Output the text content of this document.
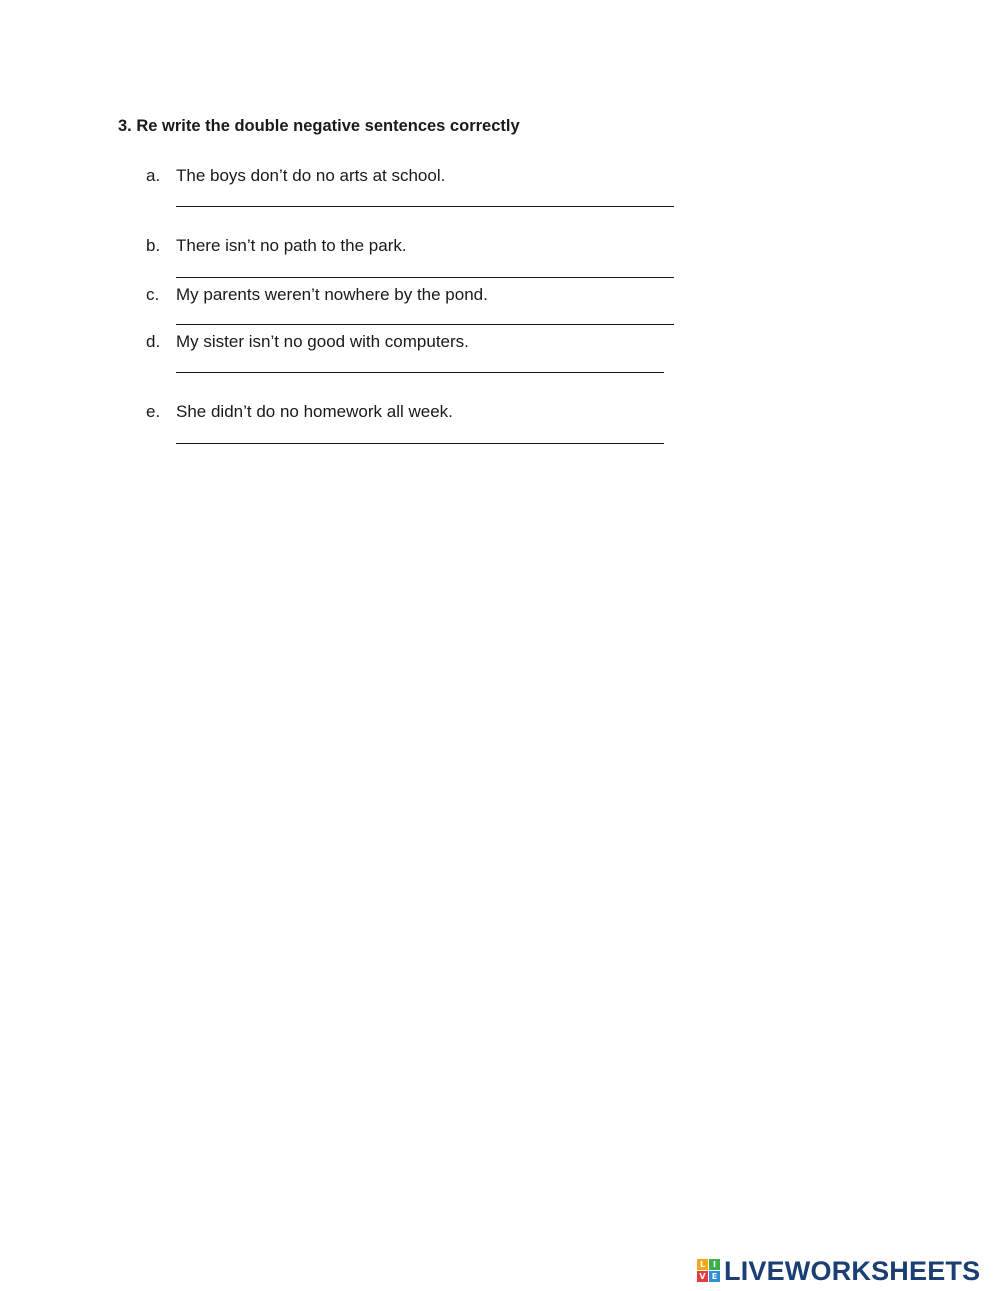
3. Re write the double negative sentences correctly
a. The boys don’t do no arts at school.
b. There isn’t no path to the park.
c. My parents weren’t nowhere by the pond.
d. My sister isn’t no good with computers.
e. She didn’t do no homework all week.
L I
V E LIVEWORKSHEETS
